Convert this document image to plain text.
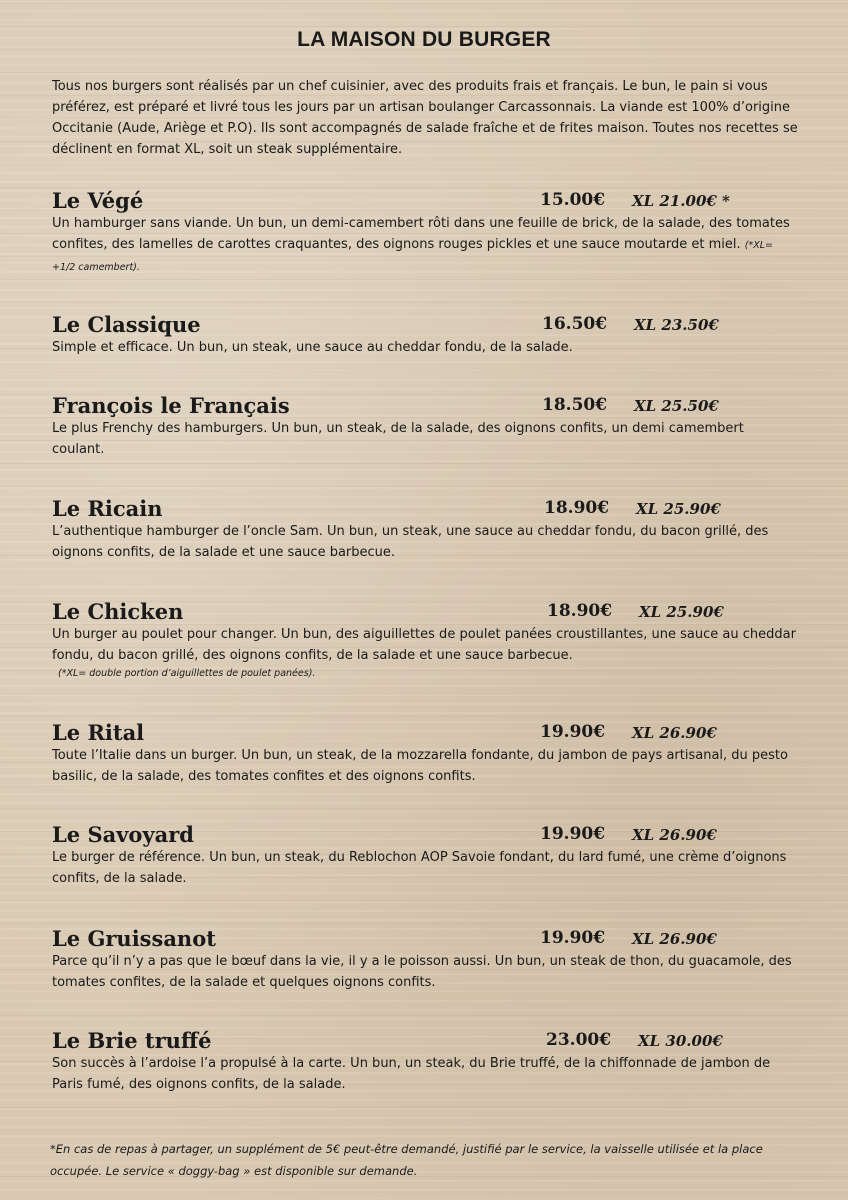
LA MAISON DU BURGER
Tous nos burgers sont réalisés par un chef cuisinier, avec des produits frais et français. Le bun, le pain si vous préférez, est préparé et livré tous les jours par un artisan boulanger Carcassonnais. La viande est 100% d’origine Occitanie (Aude, Ariège et P.O). Ils sont accompagnés de salade fraîche et de frites maison. Toutes nos recettes se déclinent en format XL, soit un steak supplémentaire.
Le Végé	15.00€ XL 21.00€ *
Un hamburger sans viande. Un bun, un demi-camembert rôti dans une feuille de brick, de la salade, des tomates confites, des lamelles de carottes craquantes, des oignons rouges pickles et une sauce moutarde et miel. (*XL= +1/2 camembert).
Le Classique	16.50€ XL 23.50€
Simple et efficace. Un bun, un steak, une sauce au cheddar fondu, de la salade.
François le Français	18.50€ XL 25.50€
Le plus Frenchy des hamburgers. Un bun, un steak, de la salade, des oignons confits, un demi camembert coulant.
Le Ricain	18.90€ XL 25.90€
L’authentique hamburger de l’oncle Sam. Un bun, un steak, une sauce au cheddar fondu, du bacon grillé, des oignons confits, de la salade et une sauce barbecue.
Le Chicken	18.90€ XL 25.90€
Un burger au poulet pour changer. Un bun, des aiguillettes de poulet panées croustillantes, une sauce au cheddar fondu, du bacon grillé, des oignons confits, de la salade et une sauce barbecue.
(*XL= double portion d’aiguillettes de poulet panées).
Le Rital	19.90€ XL 26.90€
Toute l’Italie dans un burger. Un bun, un steak, de la mozzarella fondante, du jambon de pays artisanal, du pesto basilic, de la salade, des tomates confites et des oignons confits.
Le Savoyard	19.90€ XL 26.90€
Le burger de référence. Un bun, un steak, du Reblochon AOP Savoie fondant, du lard fumé, une crème d’oignons confits, de la salade.
Le Gruissanot	19.90€ XL 26.90€
Parce qu’il n’y a pas que le bœuf dans la vie, il y a le poisson aussi. Un bun, un steak de thon, du guacamole, des tomates confites, de la salade et quelques oignons confits.
Le Brie truffé	23.00€ XL 30.00€
Son succès à l’ardoise l’a propulsé à la carte. Un bun, un steak, du Brie truffé, de la chiffonnade de jambon de Paris fumé, des oignons confits, de la salade.
*En cas de repas à partager, un supplément de 5€ peut-être demandé, justifié par le service, la vaisselle utilisée et la place occupée. Le service « doggy-bag » est disponible sur demande.
